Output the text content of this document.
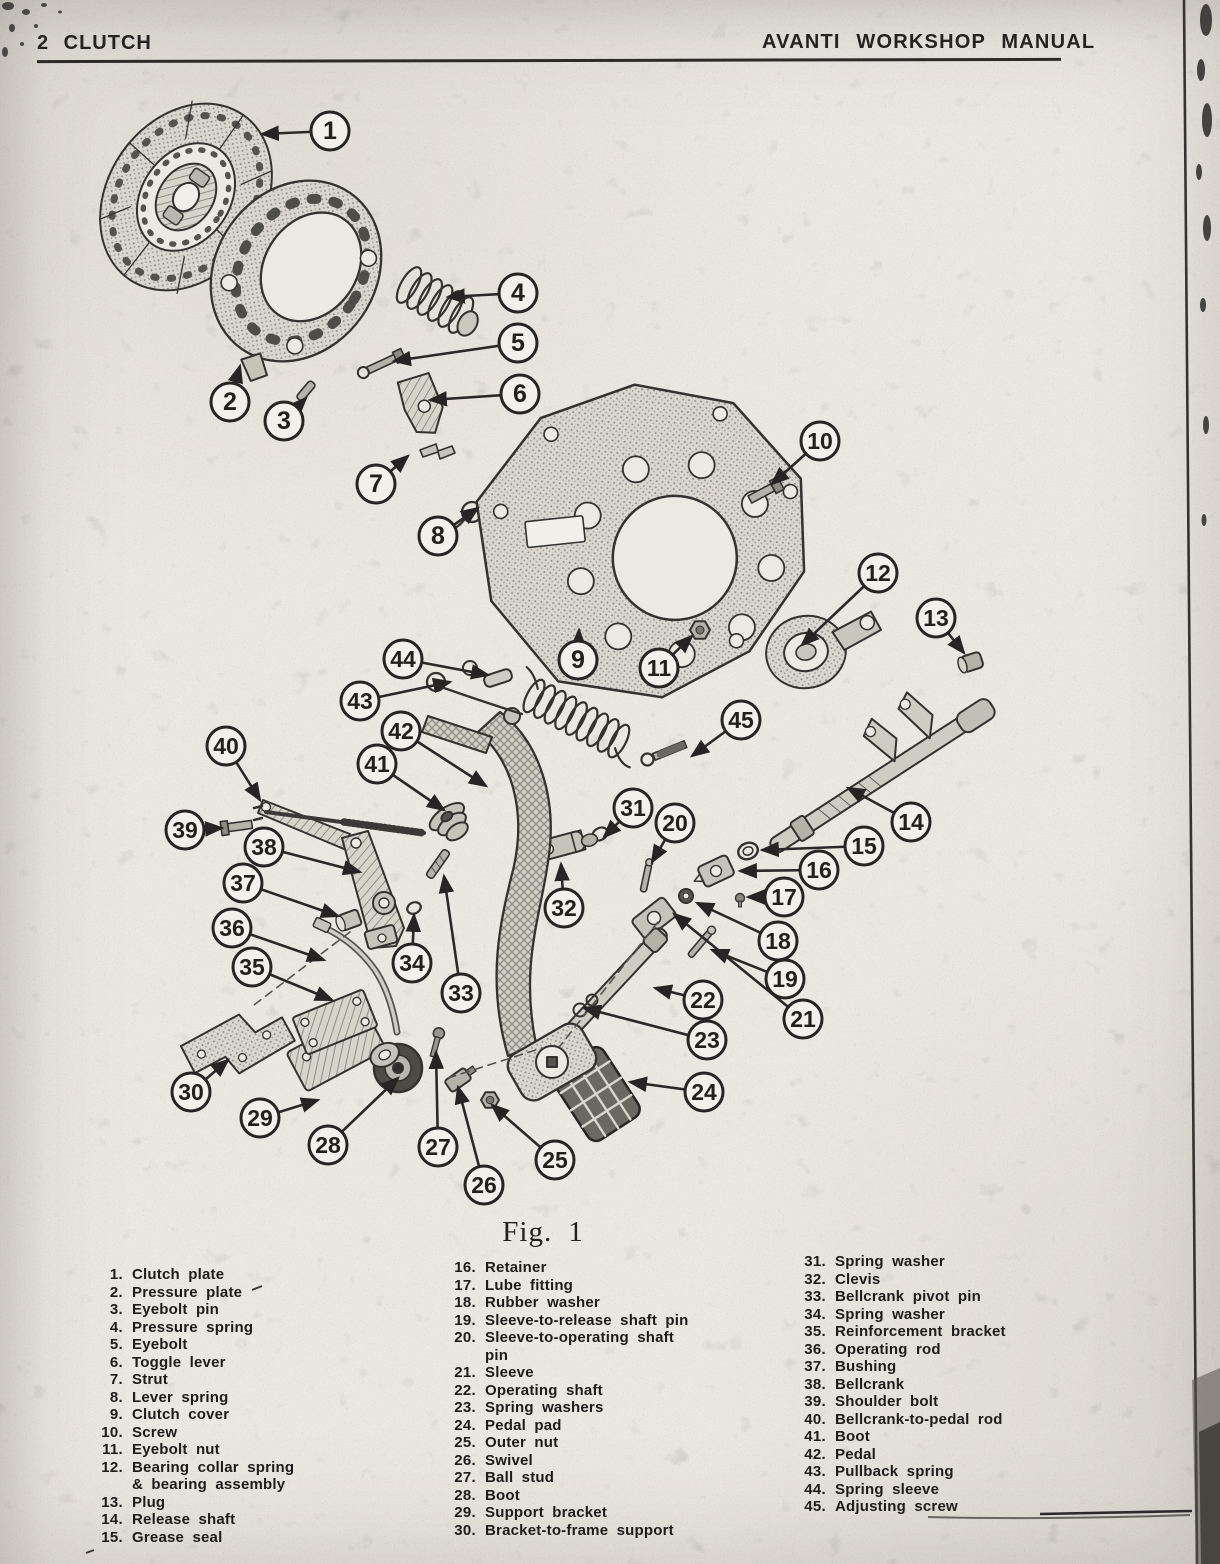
2 CLUTCH	AVANTI WORKSHOP MANUAL
1
2
3
4
5
6
7
8
9
10
11
12
13
14
15
16
17
18
19
20
21
22
23
24
25
26
27
28
29
30
31
32
33
34
35
36
37
38
39
40
41
42
43
44
45
Fig. 1
1. Clutch plate
2. Pressure plate
3. Eyebolt pin
4. Pressure spring
5. Eyebolt
6. Toggle lever
7. Strut
8. Lever spring
9. Clutch cover
10. Screw
11. Eyebolt nut
12. Bearing collar spring & bearing assembly
13. Plug
14. Release shaft
15. Grease seal
16. Retainer
17. Lube fitting
18. Rubber washer
19. Sleeve-to-release shaft pin
20. Sleeve-to-operating shaft pin
21. Sleeve
22. Operating shaft
23. Spring washers
24. Pedal pad
25. Outer nut
26. Swivel
27. Ball stud
28. Boot
29. Support bracket
30. Bracket-to-frame support
31. Spring washer
32. Clevis
33. Bellcrank pivot pin
34. Spring washer
35. Reinforcement bracket
36. Operating rod
37. Bushing
38. Bellcrank
39. Shoulder bolt
40. Bellcrank-to-pedal rod
41. Boot
42. Pedal
43. Pullback spring
44. Spring sleeve
45. Adjusting screw
